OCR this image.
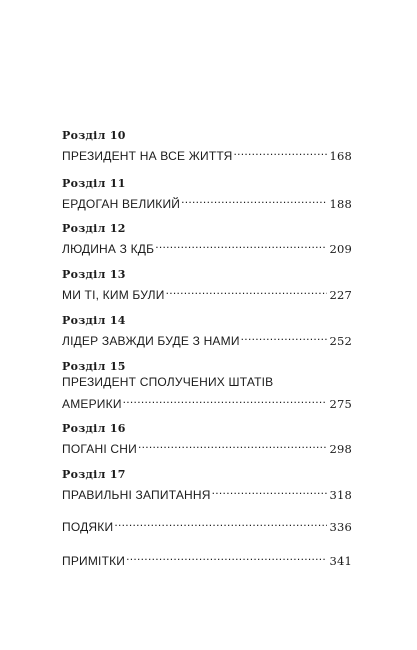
Розділ 10
ПРЕЗИДЕНТ НА ВСЕ ЖИТТЯ .....	168
Розділ 11
ЕРДОГАН ВЕЛИКИЙ .....	188
Розділ 12
ЛЮДИНА З КДБ .....	209
Розділ 13
МИ ТІ, КИМ БУЛИ .....	227
Розділ 14
ЛІДЕР ЗАВЖДИ БУДЕ З НАМИ .....	252
Розділ 15
ПРЕЗИДЕНТ СПОЛУЧЕНИХ ШТАТІВ
АМЕРИКИ .....	275
Розділ 16
ПОГАНІ СНИ .....	298
Розділ 17
ПРАВИЛЬНІ ЗАПИТАННЯ .....	318
ПОДЯКИ .....	336
ПРИМІТКИ .....	341
